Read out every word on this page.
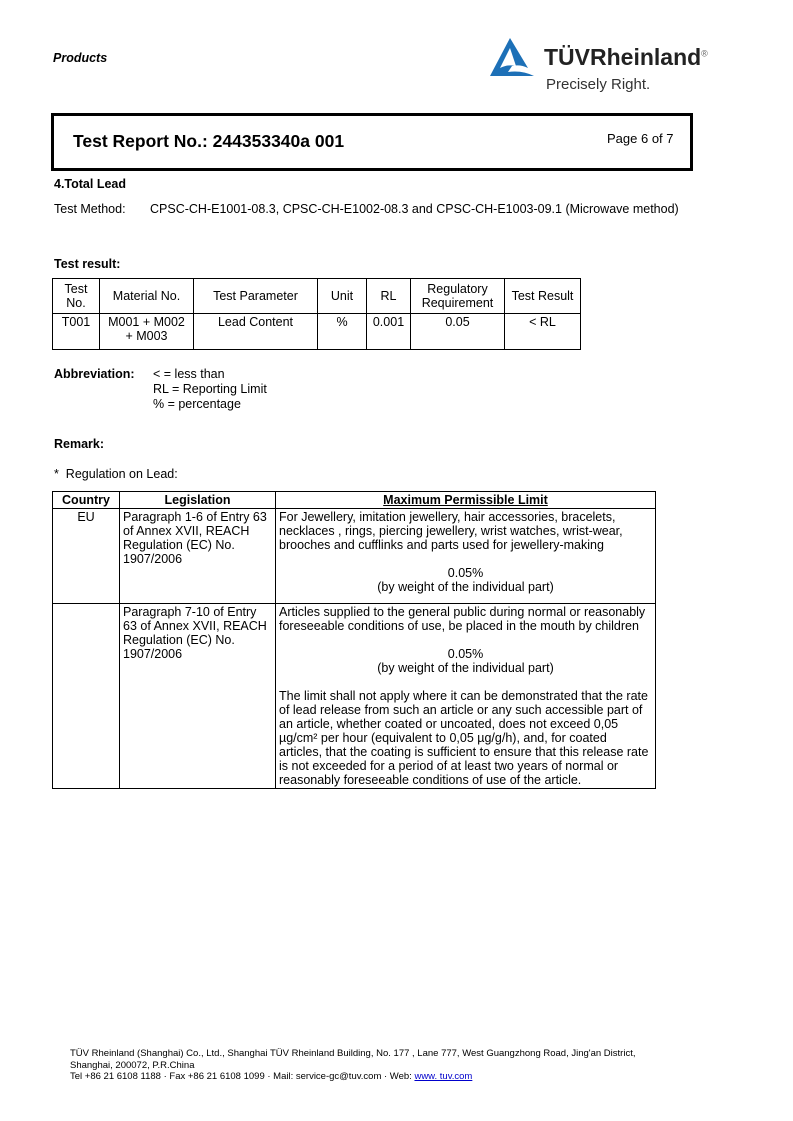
Products	TÜVRheinland®
Precisely Right.
Test Report No.: 244353340a 001	Page 6 of 7
4.Total Lead
Test Method: CPSC-CH-E1001-08.3, CPSC-CH-E1002-08.3 and CPSC-CH-E1003-09.1 (Microwave method)
Test result:
Test No.	Material No.	Test Parameter	Unit	RL	Regulatory Requirement	Test Result
T001	M001 + M002 + M003	Lead Content	%	0.001	0.05	< RL
Abbreviation: < = less than
RL = Reporting Limit
% = percentage
Remark:
*  Regulation on Lead:
Country	Legislation	Maximum Permissible Limit
EU	Paragraph 1-6 of Entry 63 of Annex XVII, REACH Regulation (EC) No. 1907/2006	For Jewellery, imitation jewellery, hair accessories, bracelets, necklaces , rings, piercing jewellery, wrist watches, wrist-wear, brooches and cufflinks and parts used for jewellery-making
0.05%
(by weight of the individual part)

	Paragraph 7-10 of Entry 63 of Annex XVII, REACH Regulation (EC) No. 1907/2006	Articles supplied to the general public during normal or reasonably foreseeable conditions of use, be placed in the mouth by children
0.05%
(by weight of the individual part)
The limit shall not apply where it can be demonstrated that the rate of lead release from such an article or any such accessible part of an article, whether coated or uncoated, does not exceed 0,05 µg/cm² per hour (equivalent to 0,05 µg/g/h), and, for coated articles, that the coating is sufficient to ensure that this release rate is not exceeded for a period of at least two years of normal or reasonably foreseeable conditions of use of the article.
TÜV Rheinland (Shanghai) Co., Ltd., Shanghai TÜV Rheinland Building, No. 177 , Lane 777, West Guangzhong Road, Jing'an District,
Shanghai, 200072, P.R.China
Tel +86 21 6108 1188 · Fax +86 21 6108 1099 · Mail: service-gc@tuv.com · Web: www. tuv.com
